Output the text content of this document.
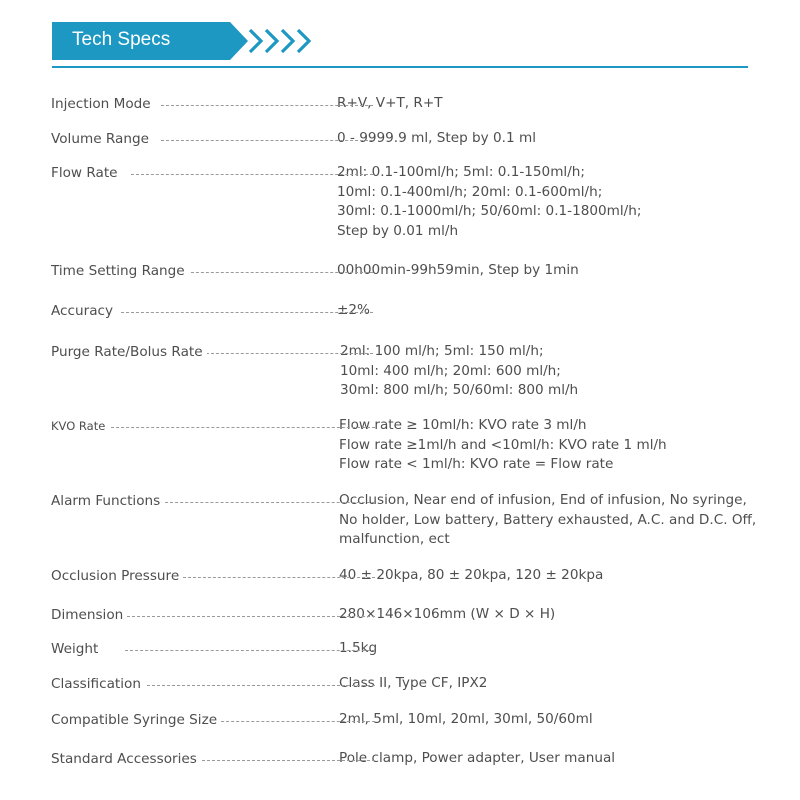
Tech Specs
Injection Mode	R+V, V+T, R+T
Volume Range	0 - 9999.9 ml, Step by 0.1 ml
Flow Rate	2ml: 0.1-100ml/h; 5ml: 0.1-150ml/h;
10ml: 0.1-400ml/h; 20ml: 0.1-600ml/h;
30ml: 0.1-1000ml/h; 50/60ml: 0.1-1800ml/h;
Step by 0.01 ml/h
Time Setting Range	00h00min-99h59min, Step by 1min
Accuracy	±2%
Purge Rate/Bolus Rate	2ml: 100 ml/h; 5ml: 150 ml/h;
10ml: 400 ml/h; 20ml: 600 ml/h;
30ml: 800 ml/h; 50/60ml: 800 ml/h
KVO Rate	Flow rate ≥ 10ml/h: KVO rate 3 ml/h
Flow rate ≥1ml/h and <10ml/h: KVO rate 1 ml/h
Flow rate < 1ml/h: KVO rate = Flow rate
Alarm Functions	Occlusion, Near end of infusion, End of infusion, No syringe,
No holder, Low battery, Battery exhausted, A.C. and D.C. Off,
malfunction, ect
Occlusion Pressure	40 ± 20kpa, 80 ± 20kpa, 120 ± 20kpa
Dimension	280×146×106mm (W × D × H)
Weight	1.5kg
Classification	Class II, Type CF, IPX2
Compatible Syringe Size	2ml, 5ml, 10ml, 20ml, 30ml, 50/60ml
Standard Accessories	Pole clamp, Power adapter, User manual
